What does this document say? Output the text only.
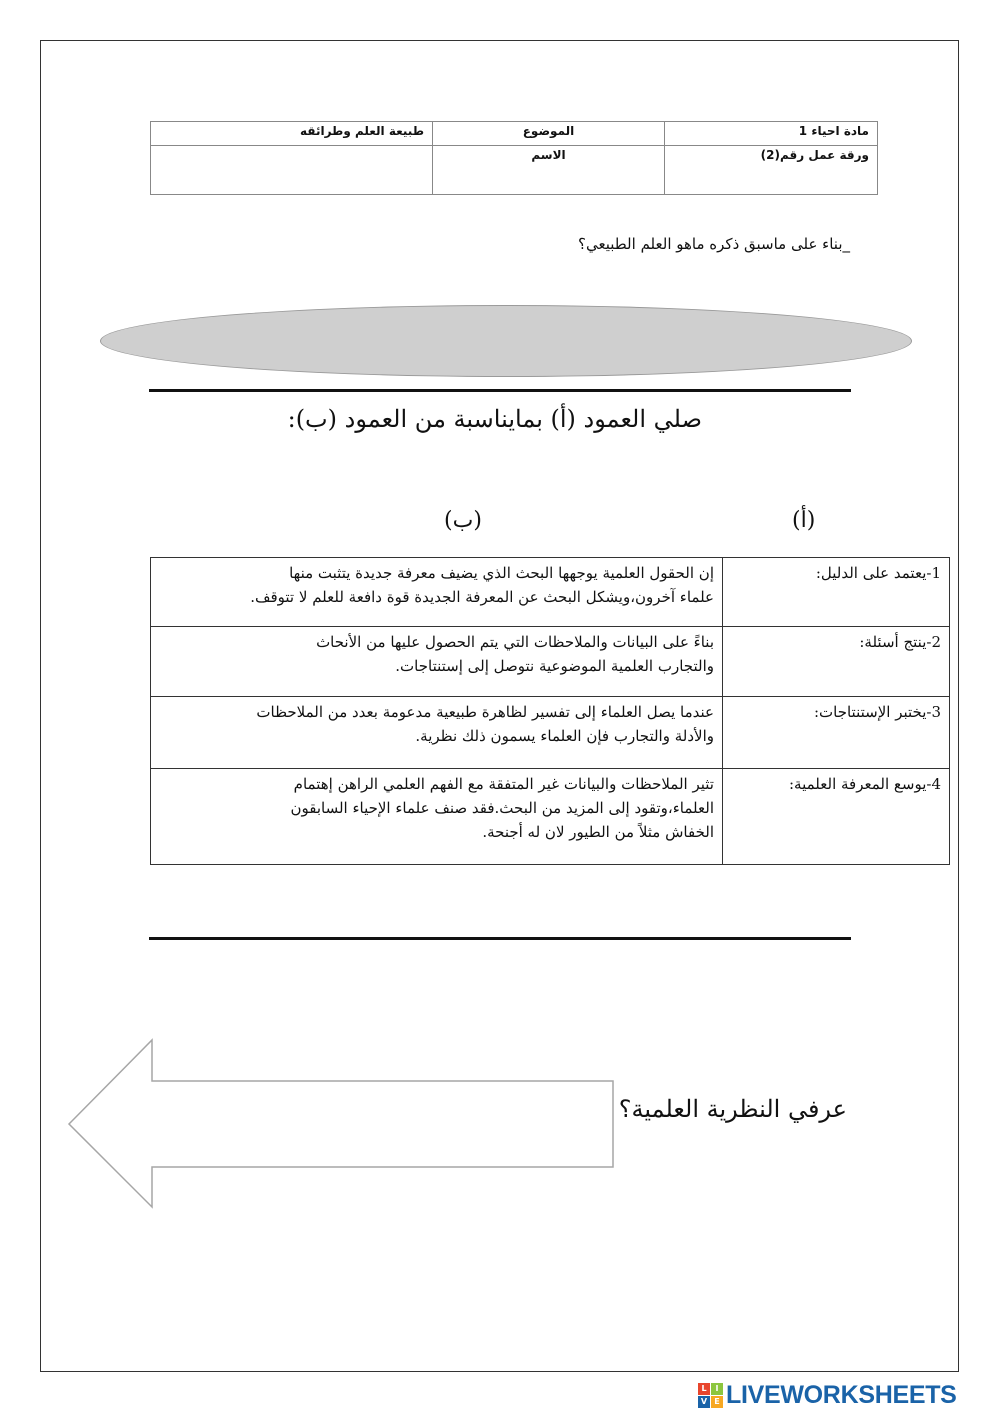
مادة احياء 1	الموضوع	طبيعة العلم وطرائقه
ورقة عمل رقم(2)	الاسم	
_بناء على ماسبق ذكره ماهو العلم الطبيعي؟
صلي العمود (أ) بمايناسبة من العمود (ب):
(أ)
(ب)
1-يعتمد على الدليل:	إن الحقول العلمية يوجهها البحث الذي يضيف معرفة جديدة يتثبت منها
علماء آخرون،ويشكل البحث عن المعرفة الجديدة قوة دافعة للعلم لا تتوقف.

2-ينتج أسئلة:	بناءً على البيانات والملاحظات التي يتم الحصول عليها من الأنحاث
والتجارب العلمية الموضوعية نتوصل إلى إستنتاجات.

3-يختبر الإستنتاجات:	عندما يصل العلماء إلى تفسير لظاهرة طبيعية مدعومة بعدد من الملاحظات
والأدلة والتجارب فإن العلماء يسمون ذلك نظرية.

4-يوسع المعرفة العلمية:	تثير الملاحظات والبيانات غير المتفقة مع الفهم العلمي الراهن إهتمام
العلماء،وتقود إلى المزيد من البحث.فقد صنف علماء الإحياء السابقون
الخفاش مثلاً من الطيور لان له أجنحة.
عرفي النظرية العلمية؟
L	I
V E LIVEWORKSHEETS
